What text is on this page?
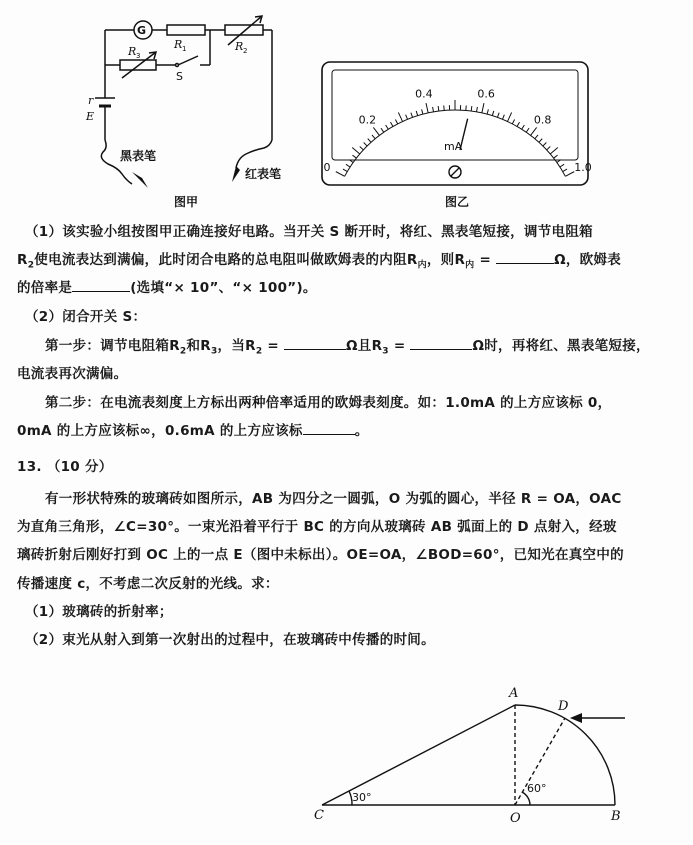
G
R 1	R 2
R 3
S
r
E
黑表笔
红表笔
图甲
mA
0
0.2
0.4	0.6
0.8
1.0
图乙
（1）该实验小组按图甲正确连接好电路。当开关 S 断开时，将红、黑表笔短接，调节电阻箱
$R_2$使电流表达到满偏，此时闭合电路的总电阻叫做欧姆表的内阻$R_内$，则$R_内$ =	Ω，欧姆表
的倍率是	(选填“× 10”、“× 100”)。
（2）闭合开关 S：
第一步：调节电阻箱$R_2$和$R_3$，当$R_2$ =	Ω且$R_3$ =	Ω时，再将红、黑表笔短接，
电流表再次满偏。
第二步：在电流表刻度上方标出两种倍率适用的欧姆表刻度。如：1.0mA 的上方应该标 0，
0mA 的上方应该标∞，0.6mA 的上方应该标	。
13. （10 分）
有一形状特殊的玻璃砖如图所示，AB 为四分之一圆弧，O 为弧的圆心，半径 R = OA，OAC
为直角三角形，∠C=30°。一束光沿着平行于 BC 的方向从玻璃砖 AB 弧面上的 D 点射入，经玻
璃砖折射后刚好打到 OC 上的一点 E（图中未标出）。OE=OA，∠BOD=60°，已知光在真空中的
传播速度 c，不考虑二次反射的光线。求：
（1）玻璃砖的折射率；
（2）束光从射入到第一次射出的过程中，在玻璃砖中传播的时间。
A
D
C	O	B
30°
60°
